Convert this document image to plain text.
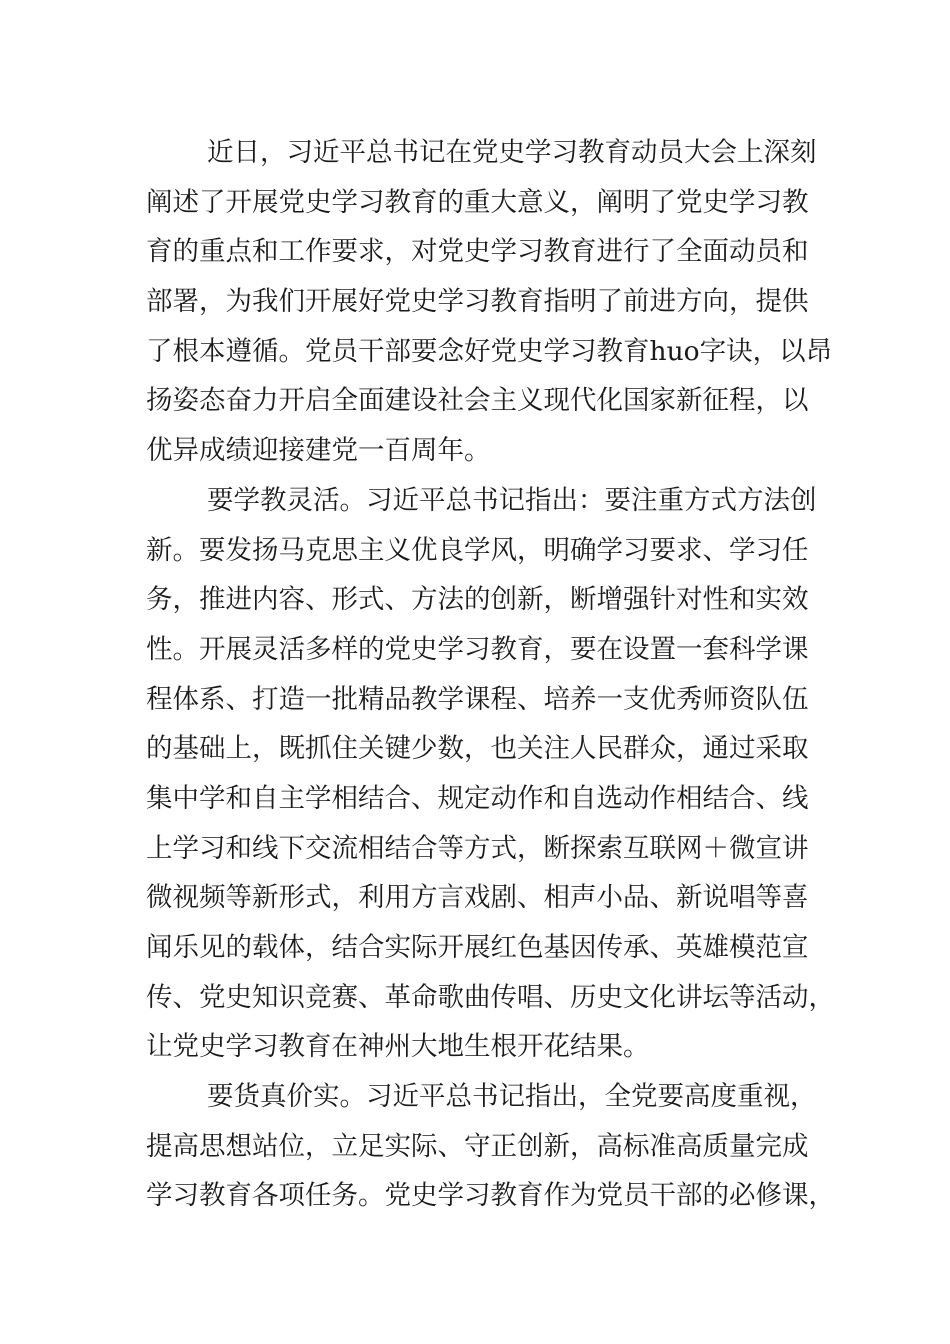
近日，习近平总书记在党史学习教育动员大会上深刻
阐述了开展党史学习教育的重大意义，阐明了党史学习教
育的重点和工作要求，对党史学习教育进行了全面动员和
部署，为我们开展好党史学习教育指明了前进方向，提供
了根本遵循。党员干部要念好党史学习教育huo字诀，以昂
扬姿态奋力开启全面建设社会主义现代化国家新征程，以
优异成绩迎接建党一百周年。
要学教灵活。习近平总书记指出：要注重方式方法创
新。要发扬马克思主义优良学风，明确学习要求、学习任
务，推进内容、形式、方法的创新，断增强针对性和实效
性。开展灵活多样的党史学习教育，要在设置一套科学课
程体系、打造一批精品教学课程、培养一支优秀师资队伍
的基础上，既抓住关键少数，也关注人民群众，通过采取
集中学和自主学相结合、规定动作和自选动作相结合、线
上学习和线下交流相结合等方式，断探索互联网＋微宣讲
微视频等新形式，利用方言戏剧、相声小品、新说唱等喜
闻乐见的载体，结合实际开展红色基因传承、英雄模范宣
传、党史知识竞赛、革命歌曲传唱、历史文化讲坛等活动，
让党史学习教育在神州大地生根开花结果。
要货真价实。习近平总书记指出，全党要高度重视，
提高思想站位，立足实际、守正创新，高标准高质量完成
学习教育各项任务。党史学习教育作为党员干部的必修课，
